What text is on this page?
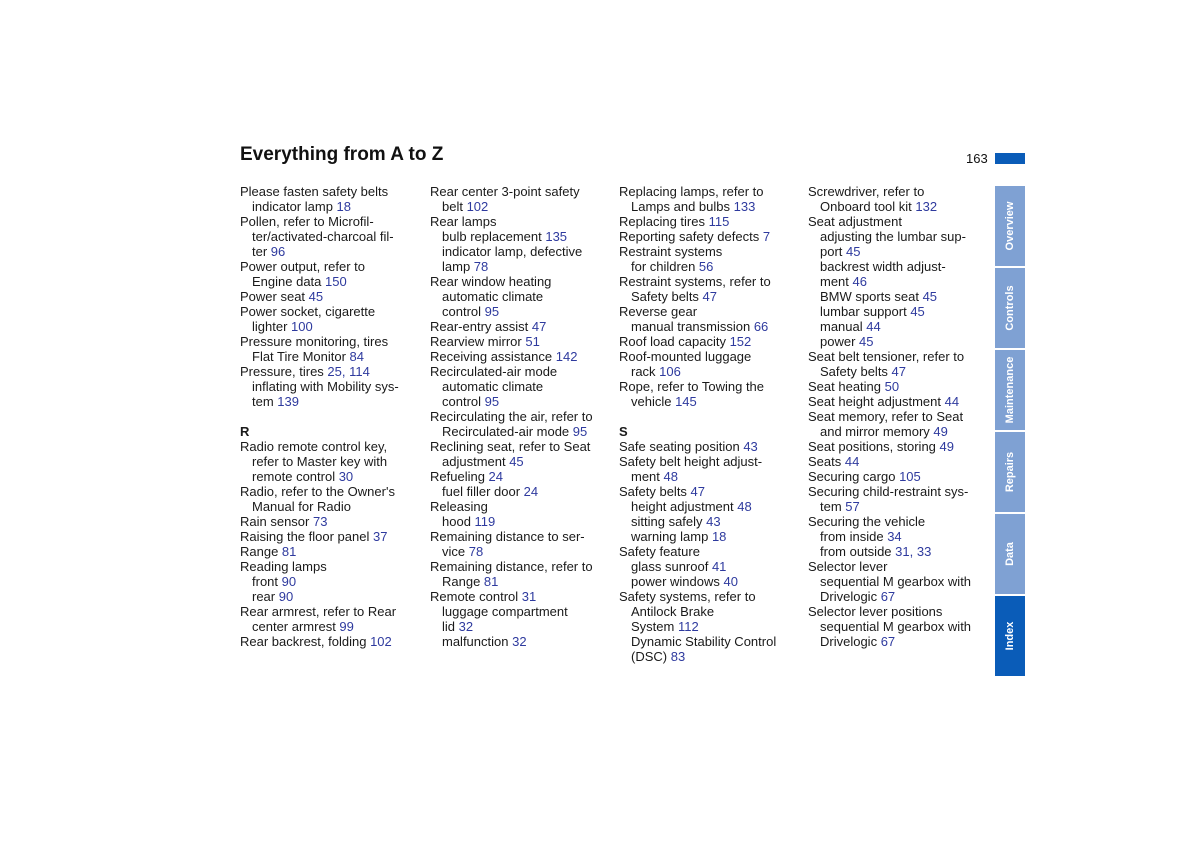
Everything from A to Z	163
Please fasten safety belts
indicator lamp 18
Pollen, refer to Microfil-
ter/activated-charcoal fil-
ter 96
Power output, refer to
Engine data 150
Power seat 45
Power socket, cigarette
lighter 100
Pressure monitoring, tires
Flat Tire Monitor 84
Pressure, tires 25, 114
inflating with Mobility sys-
tem 139
R
Radio remote control key,
refer to Master key with
remote control 30
Radio, refer to the Owner's
Manual for Radio
Rain sensor 73
Raising the floor panel 37
Range 81
Reading lamps
front 90
rear 90
Rear armrest, refer to Rear
center armrest 99
Rear backrest, folding 102
Rear center 3-point safety
belt 102
Rear lamps
bulb replacement 135
indicator lamp, defective
lamp 78
Rear window heating
automatic climate
control 95
Rear-entry assist 47
Rearview mirror 51
Receiving assistance 142
Recirculated-air mode
automatic climate
control 95
Recirculating the air, refer to
Recirculated-air mode 95
Reclining seat, refer to Seat
adjustment 45
Refueling 24
fuel filler door 24
Releasing
hood 119
Remaining distance to ser-
vice 78
Remaining distance, refer to
Range 81
Remote control 31
luggage compartment
lid 32
malfunction 32
Replacing lamps, refer to
Lamps and bulbs 133
Replacing tires 115
Reporting safety defects 7
Restraint systems
for children 56
Restraint systems, refer to
Safety belts 47
Reverse gear
manual transmission 66
Roof load capacity 152
Roof-mounted luggage
rack 106
Rope, refer to Towing the
vehicle 145
S
Safe seating position 43
Safety belt height adjust-
ment 48
Safety belts 47
height adjustment 48
sitting safely 43
warning lamp 18
Safety feature
glass sunroof 41
power windows 40
Safety systems, refer to
Antilock Brake
System 112
Dynamic Stability Control
(DSC) 83
Screwdriver, refer to
Onboard tool kit 132
Seat adjustment
adjusting the lumbar sup-
port 45
backrest width adjust-
ment 46
BMW sports seat 45
lumbar support 45
manual 44
power 45
Seat belt tensioner, refer to
Safety belts 47
Seat heating 50
Seat height adjustment 44
Seat memory, refer to Seat
and mirror memory 49
Seat positions, storing 49
Seats 44
Securing cargo 105
Securing child-restraint sys-
tem 57
Securing the vehicle
from inside 34
from outside 31, 33
Selector lever
sequential M gearbox with
Drivelogic 67
Selector lever positions
sequential M gearbox with
Drivelogic 67
Overview
Controls
Maintenance
Repairs
Data
Index
